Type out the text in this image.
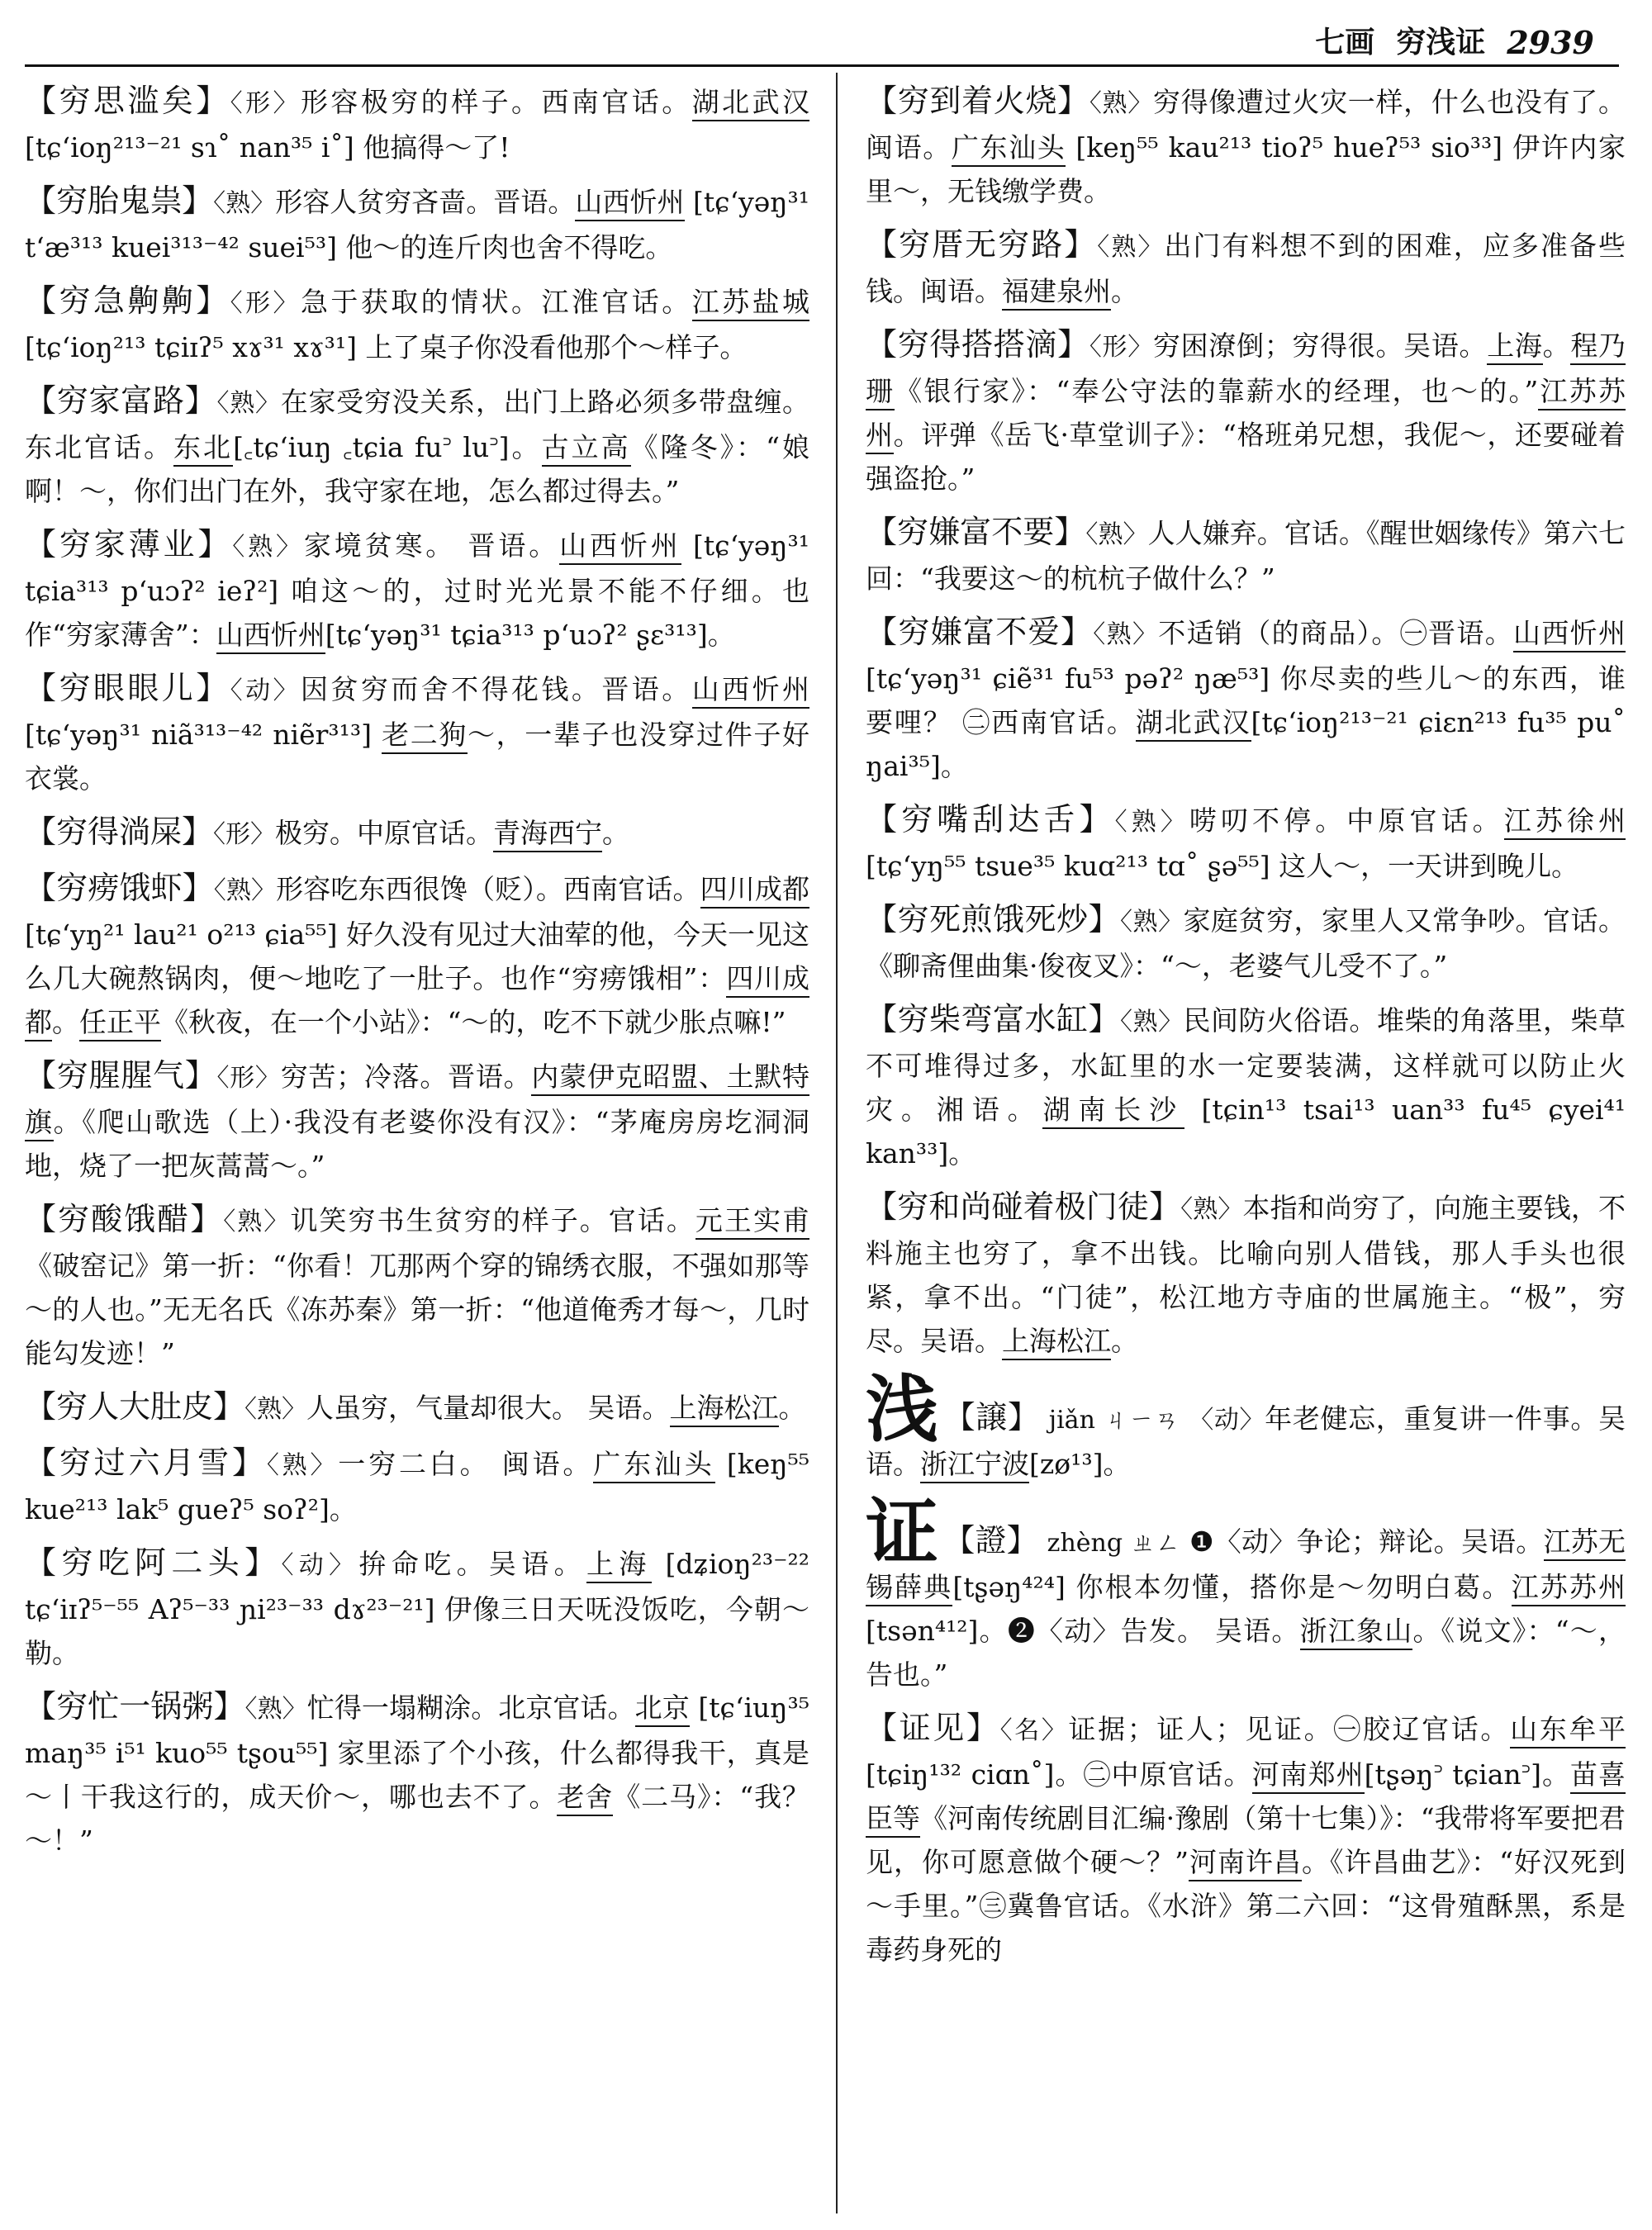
七画 穷浅证 2939

【穷思滥矣】〈形〉形容极穷的样子。西南官话。湖北武汉 [tɕʻioŋ²¹³⁻²¹ sɿ˚ nan³⁵ i˚] 他搞得～了!

【穷胎鬼祟】〈熟〉形容人贫穷吝啬。晋语。山西忻州 [tɕʻyəŋ³¹ tʻæ³¹³ kuei³¹³⁻⁴² suei⁵³] 他～的连斤肉也舍不得吃。

【穷急齁齁】〈形〉急于获取的情状。江淮官话。江苏盐城 [tɕʻioŋ²¹³ tɕiɪʔ⁵ xɤ³¹ xɤ³¹] 上了桌子你没看他那个～样子。

【穷家富路】〈熟〉在家受穷没关系，出门上路必须多带盘缠。 东北官话。东北[꜀tɕʻiuŋ ꜀tɕia fu꜄ lu꜄]。古立高《隆冬》：“娘啊！～，你们出门在外，我守家在地，怎么都过得去。”

【穷家薄业】〈熟〉家境贫寒。 晋语。山西忻州 [tɕʻyəŋ³¹ tɕia³¹³ pʻuɔʔ² ieʔ²] 咱这～的，过时光光景不能不仔细。也作“穷家薄舍”：山西忻州[tɕʻyəŋ³¹ tɕia³¹³ pʻuɔʔ² ʂɛ³¹³]。

【穷眼眼儿】〈动〉因贫穷而舍不得花钱。晋语。山西忻州 [tɕʻyəŋ³¹ niã³¹³⁻⁴² niẽr³¹³] 老二狗～，一辈子也没穿过件子好衣裳。

【穷得淌屎】〈形〉极穷。中原官话。青海西宁。

【穷痨饿虾】〈熟〉形容吃东西很馋（贬）。西南官话。四川成都 [tɕʻyŋ²¹ lau²¹ o²¹³ ɕia⁵⁵] 好久没有见过大油荤的他，今天一见这么几大碗熬锅肉，便～地吃了一肚子。也作“穷痨饿相”：四川成都。任正平《秋夜，在一个小站》：“～的，吃不下就少胀点嘛!”

【穷腥腥气】〈形〉穷苦；冷落。晋语。内蒙伊克昭盟、土默特旗。《爬山歌选（上）·我没有老婆你没有汉》：“茅庵房房圪洞洞地，烧了一把灰蒿蒿～。”

【穷酸饿醋】〈熟〉讥笑穷书生贫穷的样子。官话。元王实甫《破窑记》第一折：“你看！兀那两个穿的锦绣衣服，不强如那等～的人也。”无无名氏《冻苏秦》第一折：“他道俺秀才每～，几时能勾发迹！”

【穷人大肚皮】〈熟〉人虽穷，气量却很大。 吴语。上海松江。

【穷过六月雪】〈熟〉一穷二白。 闽语。广东汕头 [keŋ⁵⁵ kue²¹³ lak⁵ gueʔ⁵ soʔ²]。

【穷吃阿二头】〈动〉拚命吃。吴语。上海 [dʑioŋ²³⁻²² tɕʻiɪʔ⁵⁻⁵⁵ Aʔ⁵⁻³³ ɲi²³⁻³³ dɤ²³⁻²¹] 伊像三日天呒没饭吃，今朝～勒。

【穷忙一锅粥】〈熟〉忙得一塌糊涂。北京官话。北京 [tɕʻiuŋ³⁵ maŋ³⁵ i⁵¹ kuo⁵⁵ tʂou⁵⁵] 家里添了个小孩，什么都得我干，真是～丨干我这行的，成天价～，哪也去不了。老舍《二马》：“我？～！”

【穷到着火烧】〈熟〉穷得像遭过火灾一样，什么也没有了。闽语。广东汕头 [keŋ⁵⁵ kau²¹³ tioʔ⁵ hueʔ⁵³ sio³³] 伊许内家里～，无钱缴学费。

【穷厝无穷路】〈熟〉出门有料想不到的困难，应多准备些钱。闽语。福建泉州。

【穷得搭搭滴】〈形〉穷困潦倒；穷得很。吴语。上海。程乃珊《银行家》：“奉公守法的靠薪水的经理，也～的。”江苏苏州。评弹《岳飞·草堂训子》：“格班弟兄想，我伲～，还要碰着强盗抢。”

【穷嫌富不要】〈熟〉人人嫌弃。官话。《醒世姻缘传》第六七回：“我要这～的杭杭子做什么？”

【穷嫌富不爱】〈熟〉不适销（的商品）。㊀晋语。山西忻州 [tɕʻyəŋ³¹ ɕiẽ³¹ fu⁵³ pəʔ² ŋæ⁵³] 你尽卖的些儿～的东西，谁要哩？ ㊁西南官话。湖北武汉[tɕʻioŋ²¹³⁻²¹ ɕiɛn²¹³ fu³⁵ pu˚ ŋai³⁵]。

【穷嘴刮达舌】〈熟〉唠叨不停。中原官话。江苏徐州 [tɕʻyŋ⁵⁵ tsue³⁵ kuɑ²¹³ tɑ˚ ʂə⁵⁵] 这人～，一天讲到晚儿。

【穷死煎饿死炒】〈熟〉家庭贫穷，家里人又常争吵。官话。《聊斋俚曲集·俊夜叉》：“～，老婆气儿受不了。”

【穷柴弯富水缸】〈熟〉民间防火俗语。堆柴的角落里，柴草不可堆得过多，水缸里的水一定要装满，这样就可以防止火灾。湘语。湖南长沙 [tɕin¹³ tsai¹³ uan³³ fu⁴⁵ ɕyei⁴¹ kan³³]。

【穷和尚碰着极门徒】〈熟〉本指和尚穷了，向施主要钱，不料施主也穷了，拿不出钱。比喻向别人借钱，那人手头也很紧，拿不出。“门徒”，松江地方寺庙的世属施主。“极”，穷尽。吴语。上海松江。

浅 【譲】 jiǎn ㄐㄧㄢ 〈动〉年老健忘，重复讲一件事。吴语。浙江宁波[zø¹³]。

证 【證】 zhèng ㄓㄥ ❶〈动〉争论；辩论。吴语。江苏无锡薛典[tʂəŋ⁴²⁴] 你根本勿懂，搭你是～勿明白葛。江苏苏州[tsən⁴¹²]。❷〈动〉告发。 吴语。浙江象山。《说文》：“～，告也。”

【证见】〈名〉证据；证人；见证。㊀胶辽官话。山东牟平[tɕiŋ¹³² ciɑn˚]。㊁中原官话。河南郑州[tʂəŋ꜄ tɕian꜄]。苗喜臣等《河南传统剧目汇编·豫剧（第十七集）》：“我带将军要把君见，你可愿意做个硬～？”河南许昌。《许昌曲艺》：“好汉死到～手里。”㊂冀鲁官话。《水浒》第二六回：“这骨殖酥黑，系是毒药身死的
